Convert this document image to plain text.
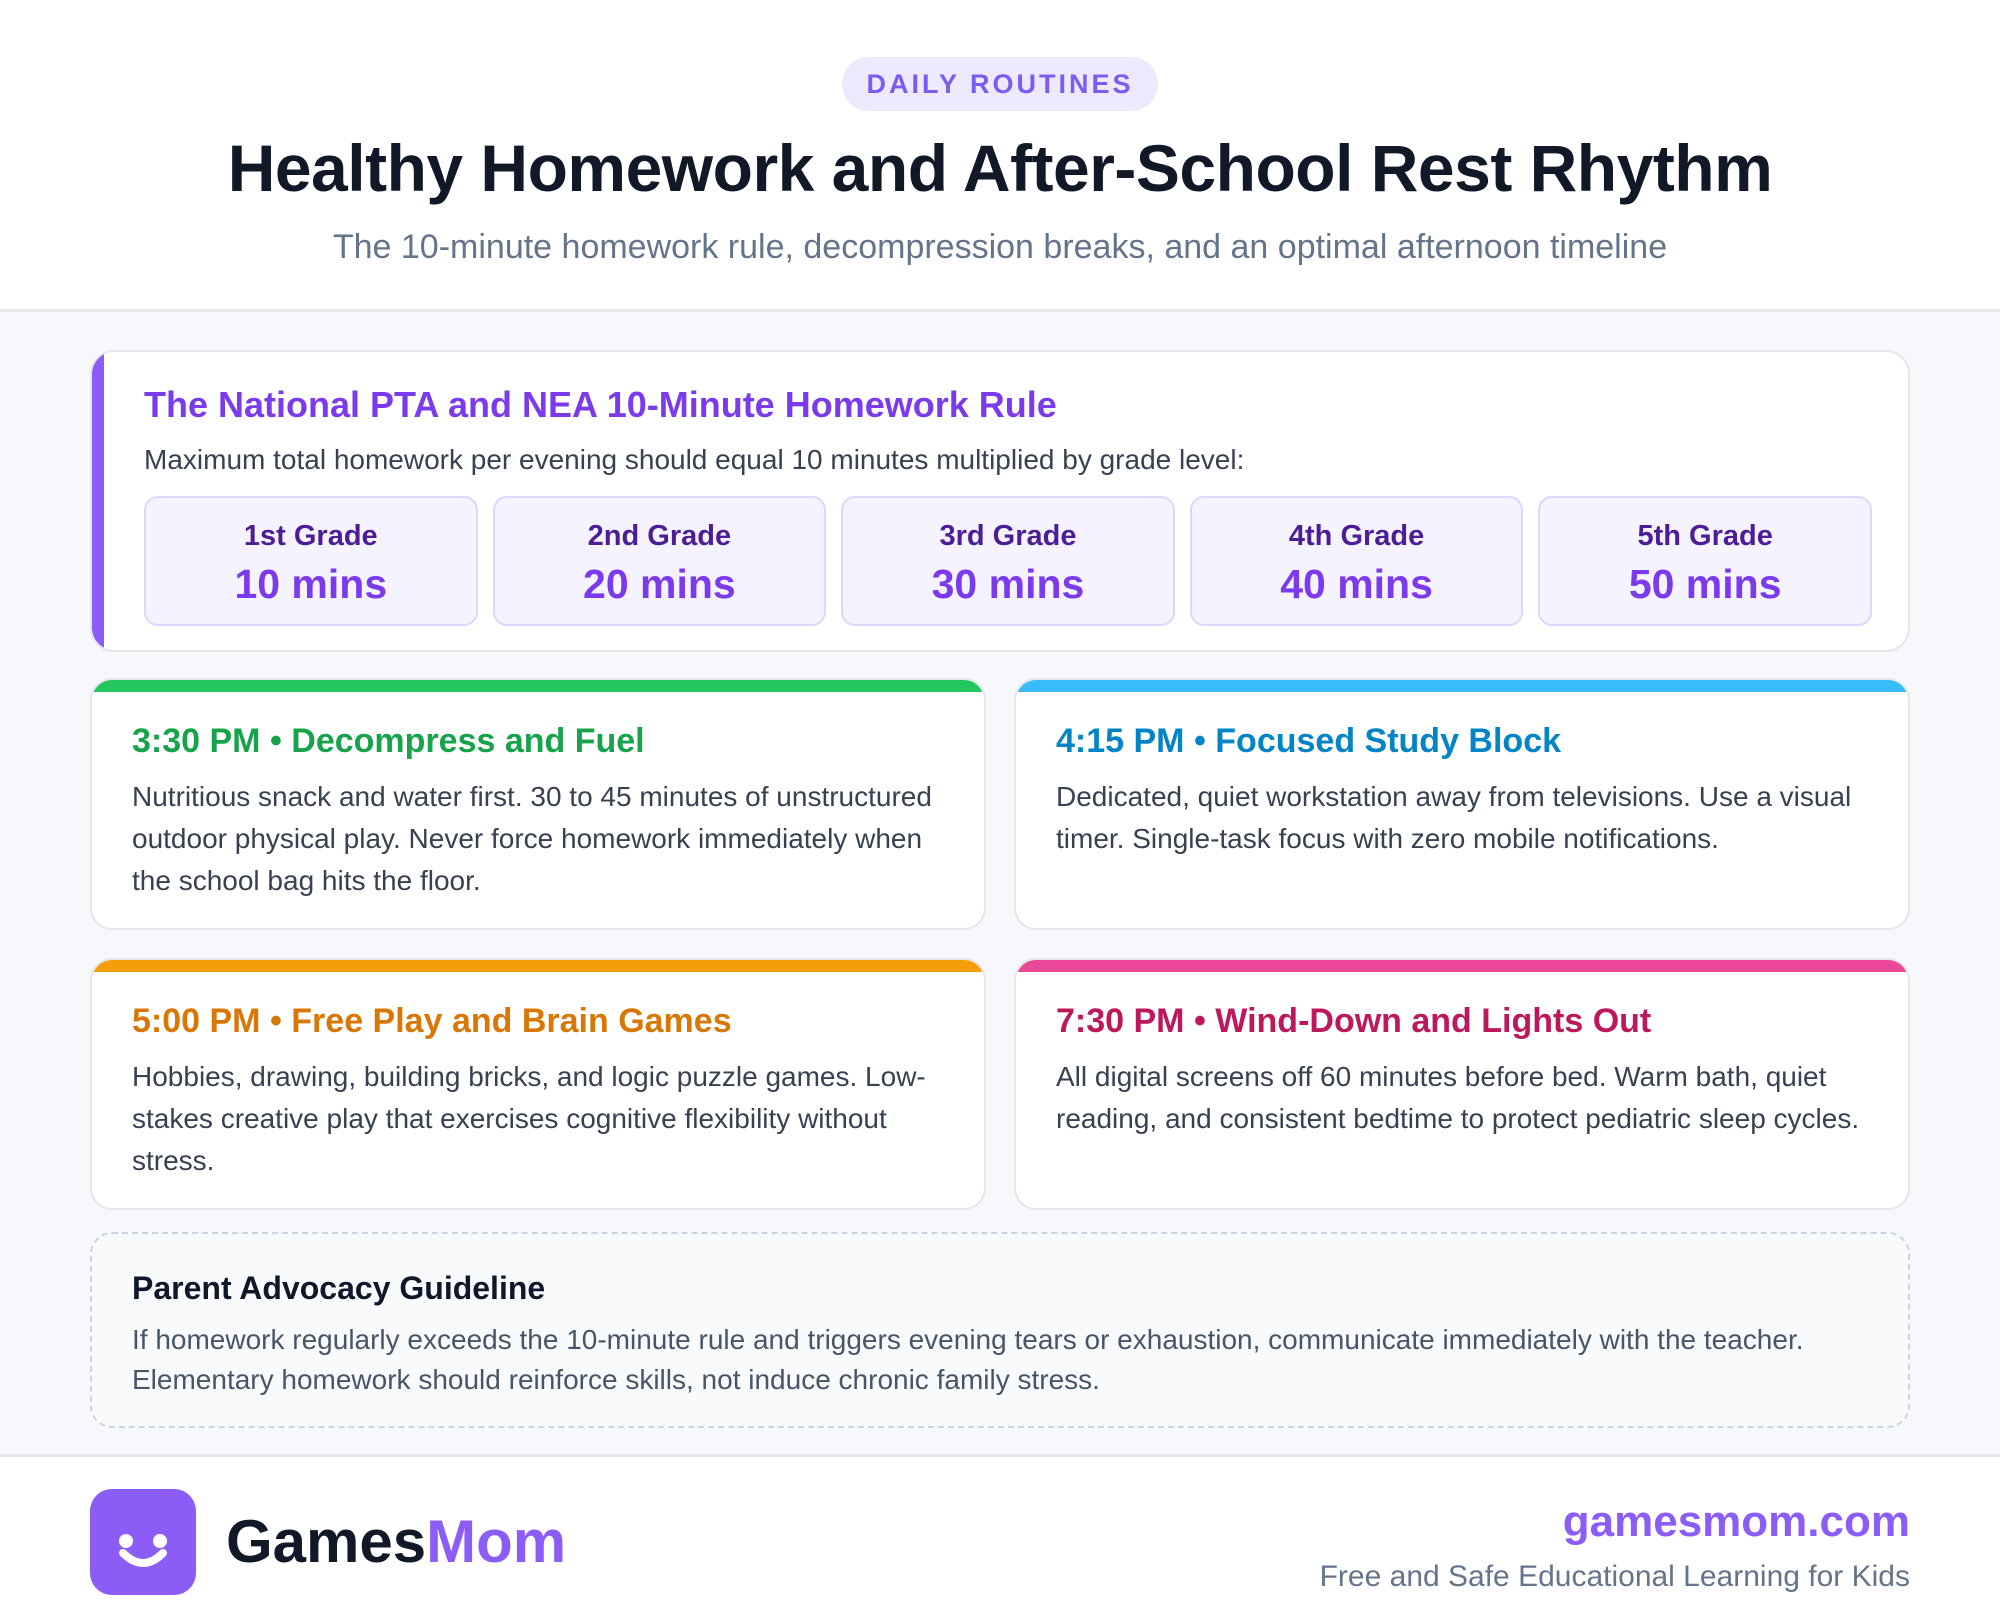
DAILY ROUTINES
Healthy Homework and After-School Rest Rhythm
The 10-minute homework rule, decompression breaks, and an optimal afternoon timeline
The National PTA and NEA 10-Minute Homework Rule
Maximum total homework per evening should equal 10 minutes multiplied by grade level:
1st Grade
10 mins
2nd Grade
20 mins
3rd Grade
30 mins
4th Grade
40 mins
5th Grade
50 mins
3:30 PM • Decompress and Fuel
Nutritious snack and water first. 30 to 45 minutes of unstructured outdoor physical play. Never force homework immediately when the school bag hits the floor.
4:15 PM • Focused Study Block
Dedicated, quiet workstation away from televisions. Use a visual timer. Single-task focus with zero mobile notifications.
5:00 PM • Free Play and Brain Games
Hobbies, drawing, building bricks, and logic puzzle games. Low-stakes creative play that exercises cognitive flexibility without stress.
7:30 PM • Wind-Down and Lights Out
All digital screens off 60 minutes before bed. Warm bath, quiet reading, and consistent bedtime to protect pediatric sleep cycles.
Parent Advocacy Guideline
If homework regularly exceeds the 10-minute rule and triggers evening tears or exhaustion, communicate immediately with the teacher. Elementary homework should reinforce skills, not induce chronic family stress.
GamesMom	gamesmom.com
Free and Safe Educational Learning for Kids
